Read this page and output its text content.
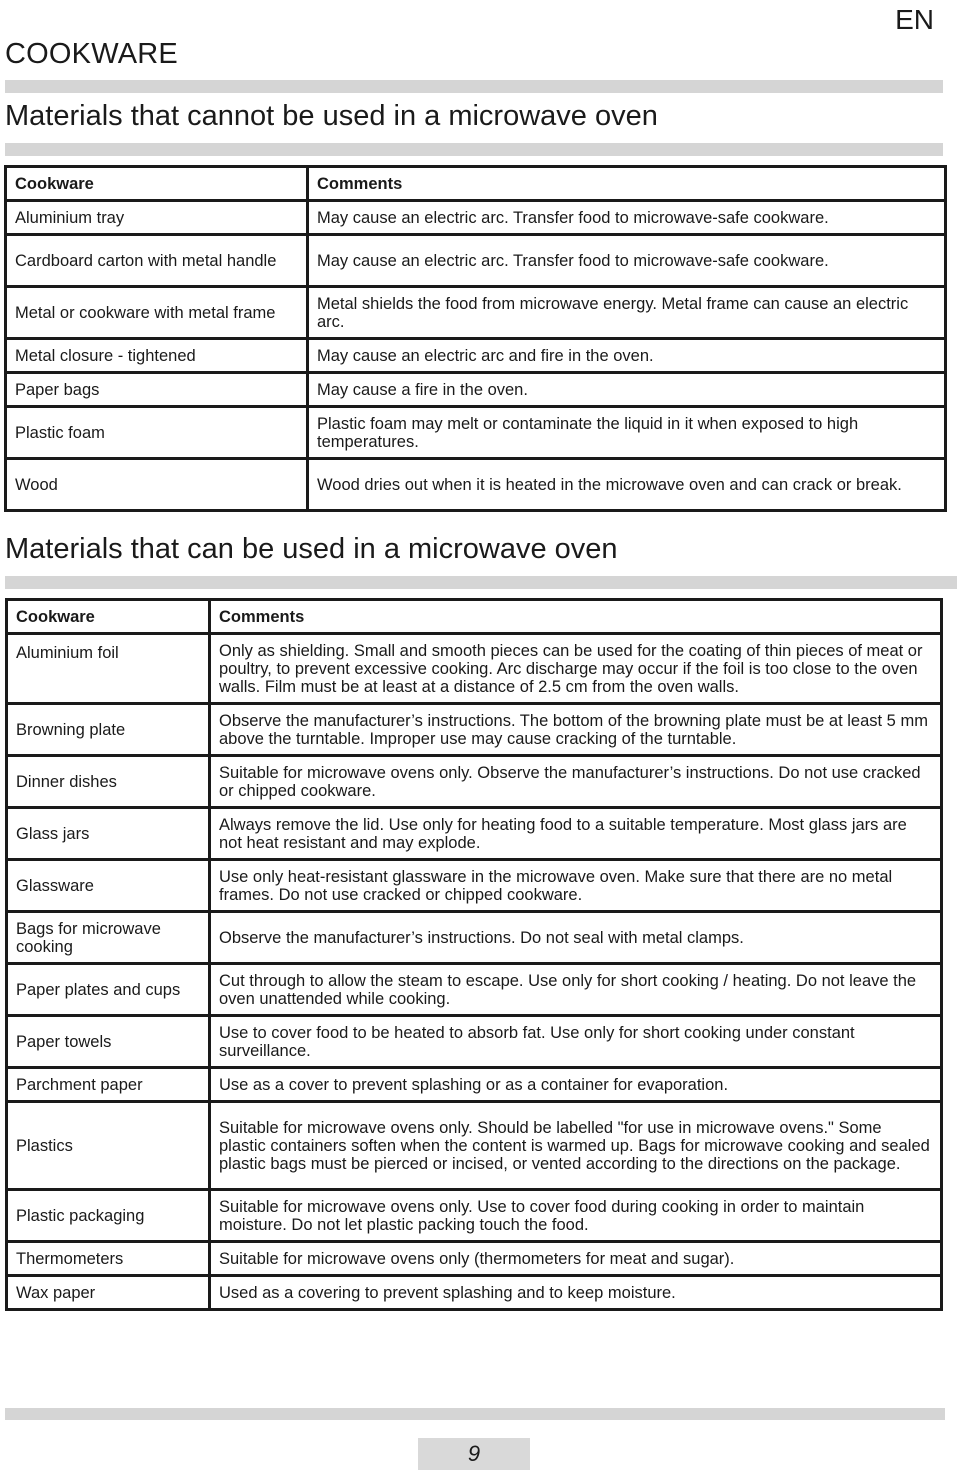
EN
COOKWARE
Materials that cannot be used in a microwave oven
Cookware	Comments
Aluminium tray	May cause an electric arc. Transfer food to microwave-safe cookware.
Cardboard carton with metal handle	May cause an electric arc. Transfer food to microwave-safe cookware.
Metal or cookware with metal frame	Metal shields the food from microwave energy. Metal frame can cause an electric arc.
Metal closure - tightened	May cause an electric arc and fire in the oven.
Paper bags	May cause a fire in the oven.
Plastic foam	Plastic foam may melt or contaminate the liquid in it when exposed to high temperatures.
Wood	Wood dries out when it is heated in the microwave oven and can crack or break.
Materials that can be used in a microwave oven
Cookware	Comments
Aluminium foil	Only as shielding. Small and smooth pieces can be used for the coating of thin pieces of meat or poultry, to prevent excessive cooking. Arc discharge may occur if the foil is too close to the oven walls. Film must be at least at a distance of 2.5 cm from the oven walls.
Browning plate	Observe the manufacturer’s instructions. The bottom of the browning plate must be at least 5 mm above the turntable. Improper use may cause cracking of the turntable.
Dinner dishes	Suitable for microwave ovens only. Observe the manufacturer’s instructions. Do not use cracked or chipped cookware.
Glass jars	Always remove the lid. Use only for heating food to a suitable temperature. Most glass jars are not heat resistant and may explode.
Glassware	Use only heat-resistant glassware in the microwave oven. Make sure that there are no metal frames. Do not use cracked or chipped cookware.
Bags for microwave cooking	Observe the manufacturer’s instructions. Do not seal with metal clamps.
Paper plates and cups	Cut through to allow the steam to escape. Use only for short cooking / heating. Do not leave the oven unattended while cooking.
Paper towels	Use to cover food to be heated to absorb fat. Use only for short cooking under constant surveillance.
Parchment paper	Use as a cover to prevent splashing or as a container for evaporation.
Plastics	Suitable for microwave ovens only. Should be labelled "for use in microwave ovens." Some plastic containers soften when the content is warmed up. Bags for microwave cooking and sealed plastic bags must be pierced or incised, or vented according to the directions on the package.
Plastic packaging	Suitable for microwave ovens only. Use to cover food during cooking in order to maintain moisture. Do not let plastic packing touch the food.
Thermometers	Suitable for microwave ovens only (thermometers for meat and sugar).
Wax paper	Used as a covering to prevent splashing and to keep moisture.
9
